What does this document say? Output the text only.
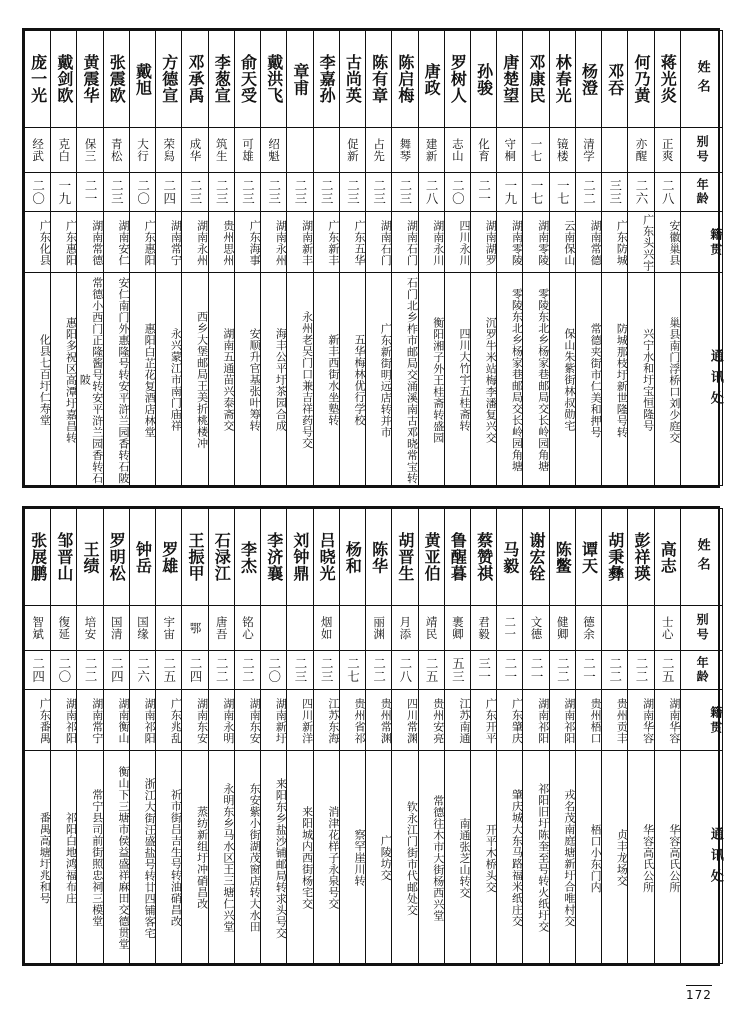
庞一光	戴剑欧	黄震华	张震欧	戴旭	方德宣	邓承禹	李葱宣	俞天受	戴洪飞	章甫	李嘉孙	古尚英	陈有章	陈启梅	唐政	罗树人	孙骏	唐楚望	邓康民	林春光	杨澄	邓吞	何乃黄	蒋光炎	姓名

经武	克白	保三	青松	大行	荣舄	成华	筑生	可雄	绍魁			促新	占先	舞琴	建新	志山	化育	守桐	一七	镜楼	清学		亦醒	正爽	别号

二〇	一九	二一	二三	二〇	二四	二三	二三	二三	二三	二三	二三	二三	二三	二三	二八	二〇	二一	一九	一七	一七	二二	三三	二六	二八	年龄

广东化县	广东惠阳	湖南常德	湖南安仁	广东惠阳	湖南常宁	湖南永州	贵州思州	广东海事	湖南永州	湖南新丰	广东新丰	广东五华	湖南石门	湖南石门	湖南永川	四川永川	湖南湖罗	湖南零陵	湖南零陵	云南保山	湖南常德	广东防城	广东头兴宇	安徽巢县	籍贯

化县七百圩仁寿堂	惠阳多祝区高潭圩嘉昌转	常德小西门正隆酱号转安平浒兰园香转石陂	安仁南门外惠隆号转安平浒兰园香转石陂	惠阳白芷花复酒店林堂	永兴蒙江市南门庙祥	西乡大堡邮局王美折桃楼冲	湖南五通苗兴泰斋交	安顺升官基张叶筹转	海丰公平圩茶园合成	永州老吴门口兼吉祥药号交	新丰西街水坐塾转	五华梅林优行学校	广东新街明远店转并市	石门北乡柞市邮局交涌溪南古邓晓常宝转	衡阳湘子外王桂斋转盛园	四川大竹宇五桂斋转	沉罗牛米站梅李潘复兴交	零陵东北乡杨家巷邮局交长岭园角塘	零陵东北乡杨家巷邮局交长岭园角塘	保山朱紫街林叔勋宅	常德夹街市仁美和押号	防城那枝圩新世隆号转	兴宁水和圩宝恒隆号	巢县南门浮桥口刘少庭交	通讯处
张展鹏	邹晋山	王绩	罗明松	钟岳	罗雄	王振甲	石渌江	李杰	李济襄	刘钟鼎	吕晓光	杨和	陈华	胡晋生	黄亚伯	鲁醒暮	蔡赞祺	马毅	谢宏铨	陈鳖	谭天	胡秉彝	彭祥瑛	高志	姓名

智斌	復延	培安	国清	国缘	宇宙	鄂	唐吾	铭心			烟如		丽渊	月添	靖民	裹卿	君毅	二一	文德	健卿	德余			士心	别号

二四	二〇	二二	二四	二六	二五	二四	二二	二二	二〇	二三	二三	二七	二二	二八	二五	五三	三一	二一	二一	二二	二一	二二	二二	二五	年龄

广东番禺	湖南祁阳	湖南常宁	湖南衡山	湖南祁阳	广东兆乱	湖南东安	湖南永明	湖南东安	湖南新圩	四川新洋	江苏东海	贵州省祁	贵州常渊	四川常渊	贵州安亮	江苏南通	广东开平	广东肇庆	湖南祁阳	湖南祁阳	贵州梧口	贵州贡丰	湖南华容	湖南华容	籍贯

番禺高塘圩兆和号	祁阳白地鸿福布庄	常宁县司前街照忠祠三模堂	衡山下三塘市侯益盛祥麻田交德贯堂	浙江大街汪盛盐号转廿四铺客宅	祈市街吕吉生号转油硝昌改	蒸纺新组圩冲硝昌改	永明东乡马水区王三塘仁兴堂	东安紫小街湖茂窗店转大水田	来阳东乡盐沙铺邮局转求头号交	来阳城内西街杨宅交	消津花样子永泉号交	察罕崖川转	广陵坊交	钦永江门街市代邮处交	常德往木市大街杨西兴堂	南通张芝山转交	开平木桥头交	肇庆城大东马路福米纸庄交	祁阳旧圩陈奎至号转火纸圩交	戎名茂南庭塘新圩合唯村交	梧口小东门内	贞丰龙场交	华容高氏公所	华容高氏公所	通讯处
172
